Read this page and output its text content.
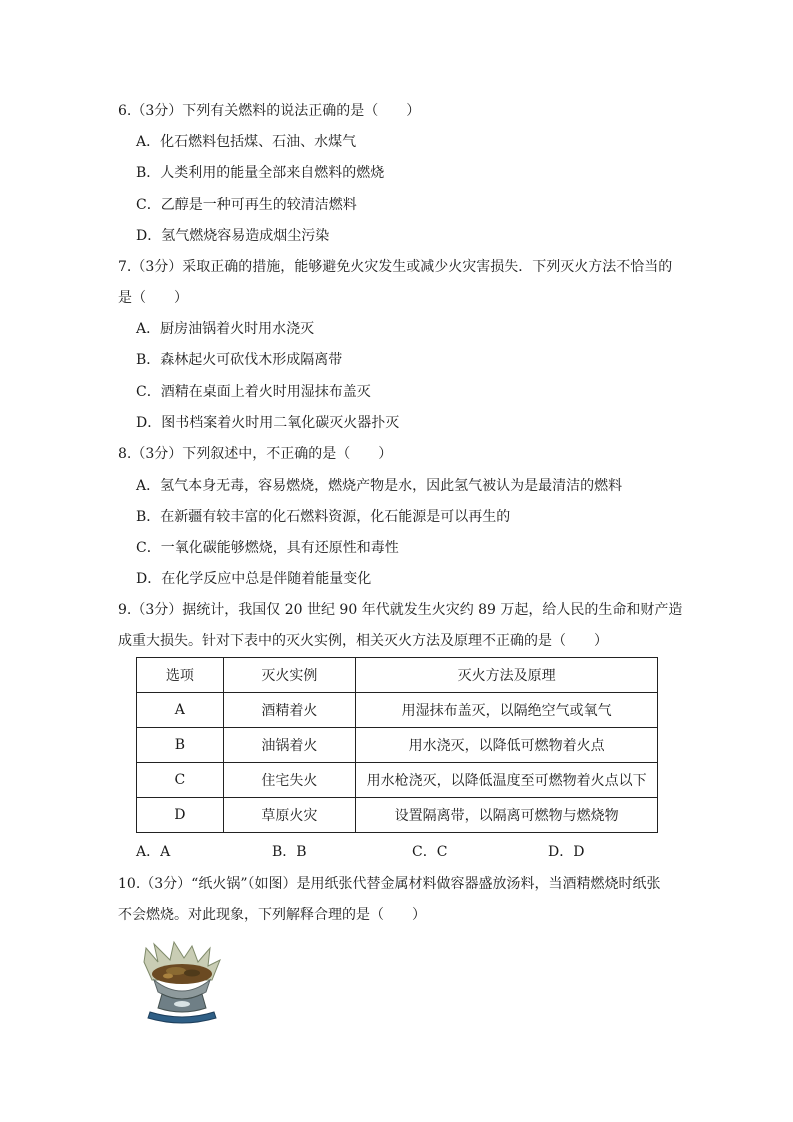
6.（3分）下列有关燃料的说法正确的是（　　）
A．化石燃料包括煤、石油、水煤气
B．人类利用的能量全部来自燃料的燃烧
C．乙醇是一种可再生的较清洁燃料
D．氢气燃烧容易造成烟尘污染
7.（3分）采取正确的措施，能够避免火灾发生或减少火灾害损失．下列灭火方法不恰当的
是（　　）
A．厨房油锅着火时用水浇灭
B．森林起火可砍伐木形成隔离带
C．酒精在桌面上着火时用湿抹布盖灭
D．图书档案着火时用二氧化碳灭火器扑灭
8.（3分）下列叙述中，不正确的是（　　）
A．氢气本身无毒，容易燃烧，燃烧产物是水，因此氢气被认为是最清洁的燃料
B．在新疆有较丰富的化石燃料资源，化石能源是可以再生的
C．一氧化碳能够燃烧，具有还原性和毒性
D．在化学反应中总是伴随着能量变化
9.（3分）据统计，我国仅 20 世纪 90 年代就发生火灾约 89 万起，给人民的生命和财产造
成重大损失。针对下表中的灭火实例，相关灭火方法及原理不正确的是（　　）
选项	灭火实例	灭火方法及原理
A	酒精着火	用湿抹布盖灭，以隔绝空气或氧气
B	油锅着火	用水浇灭，以降低可燃物着火点
C	住宅失火	用水枪浇灭，以降低温度至可燃物着火点以下
D	草原火灾	设置隔离带，以隔离可燃物与燃烧物
A．A	B．B	C．C	D．D
10.（3分）“纸火锅”（如图）是用纸张代替金属材料做容器盛放汤料，当酒精燃烧时纸张
不会燃烧。对此现象，下列解释合理的是（　　）
